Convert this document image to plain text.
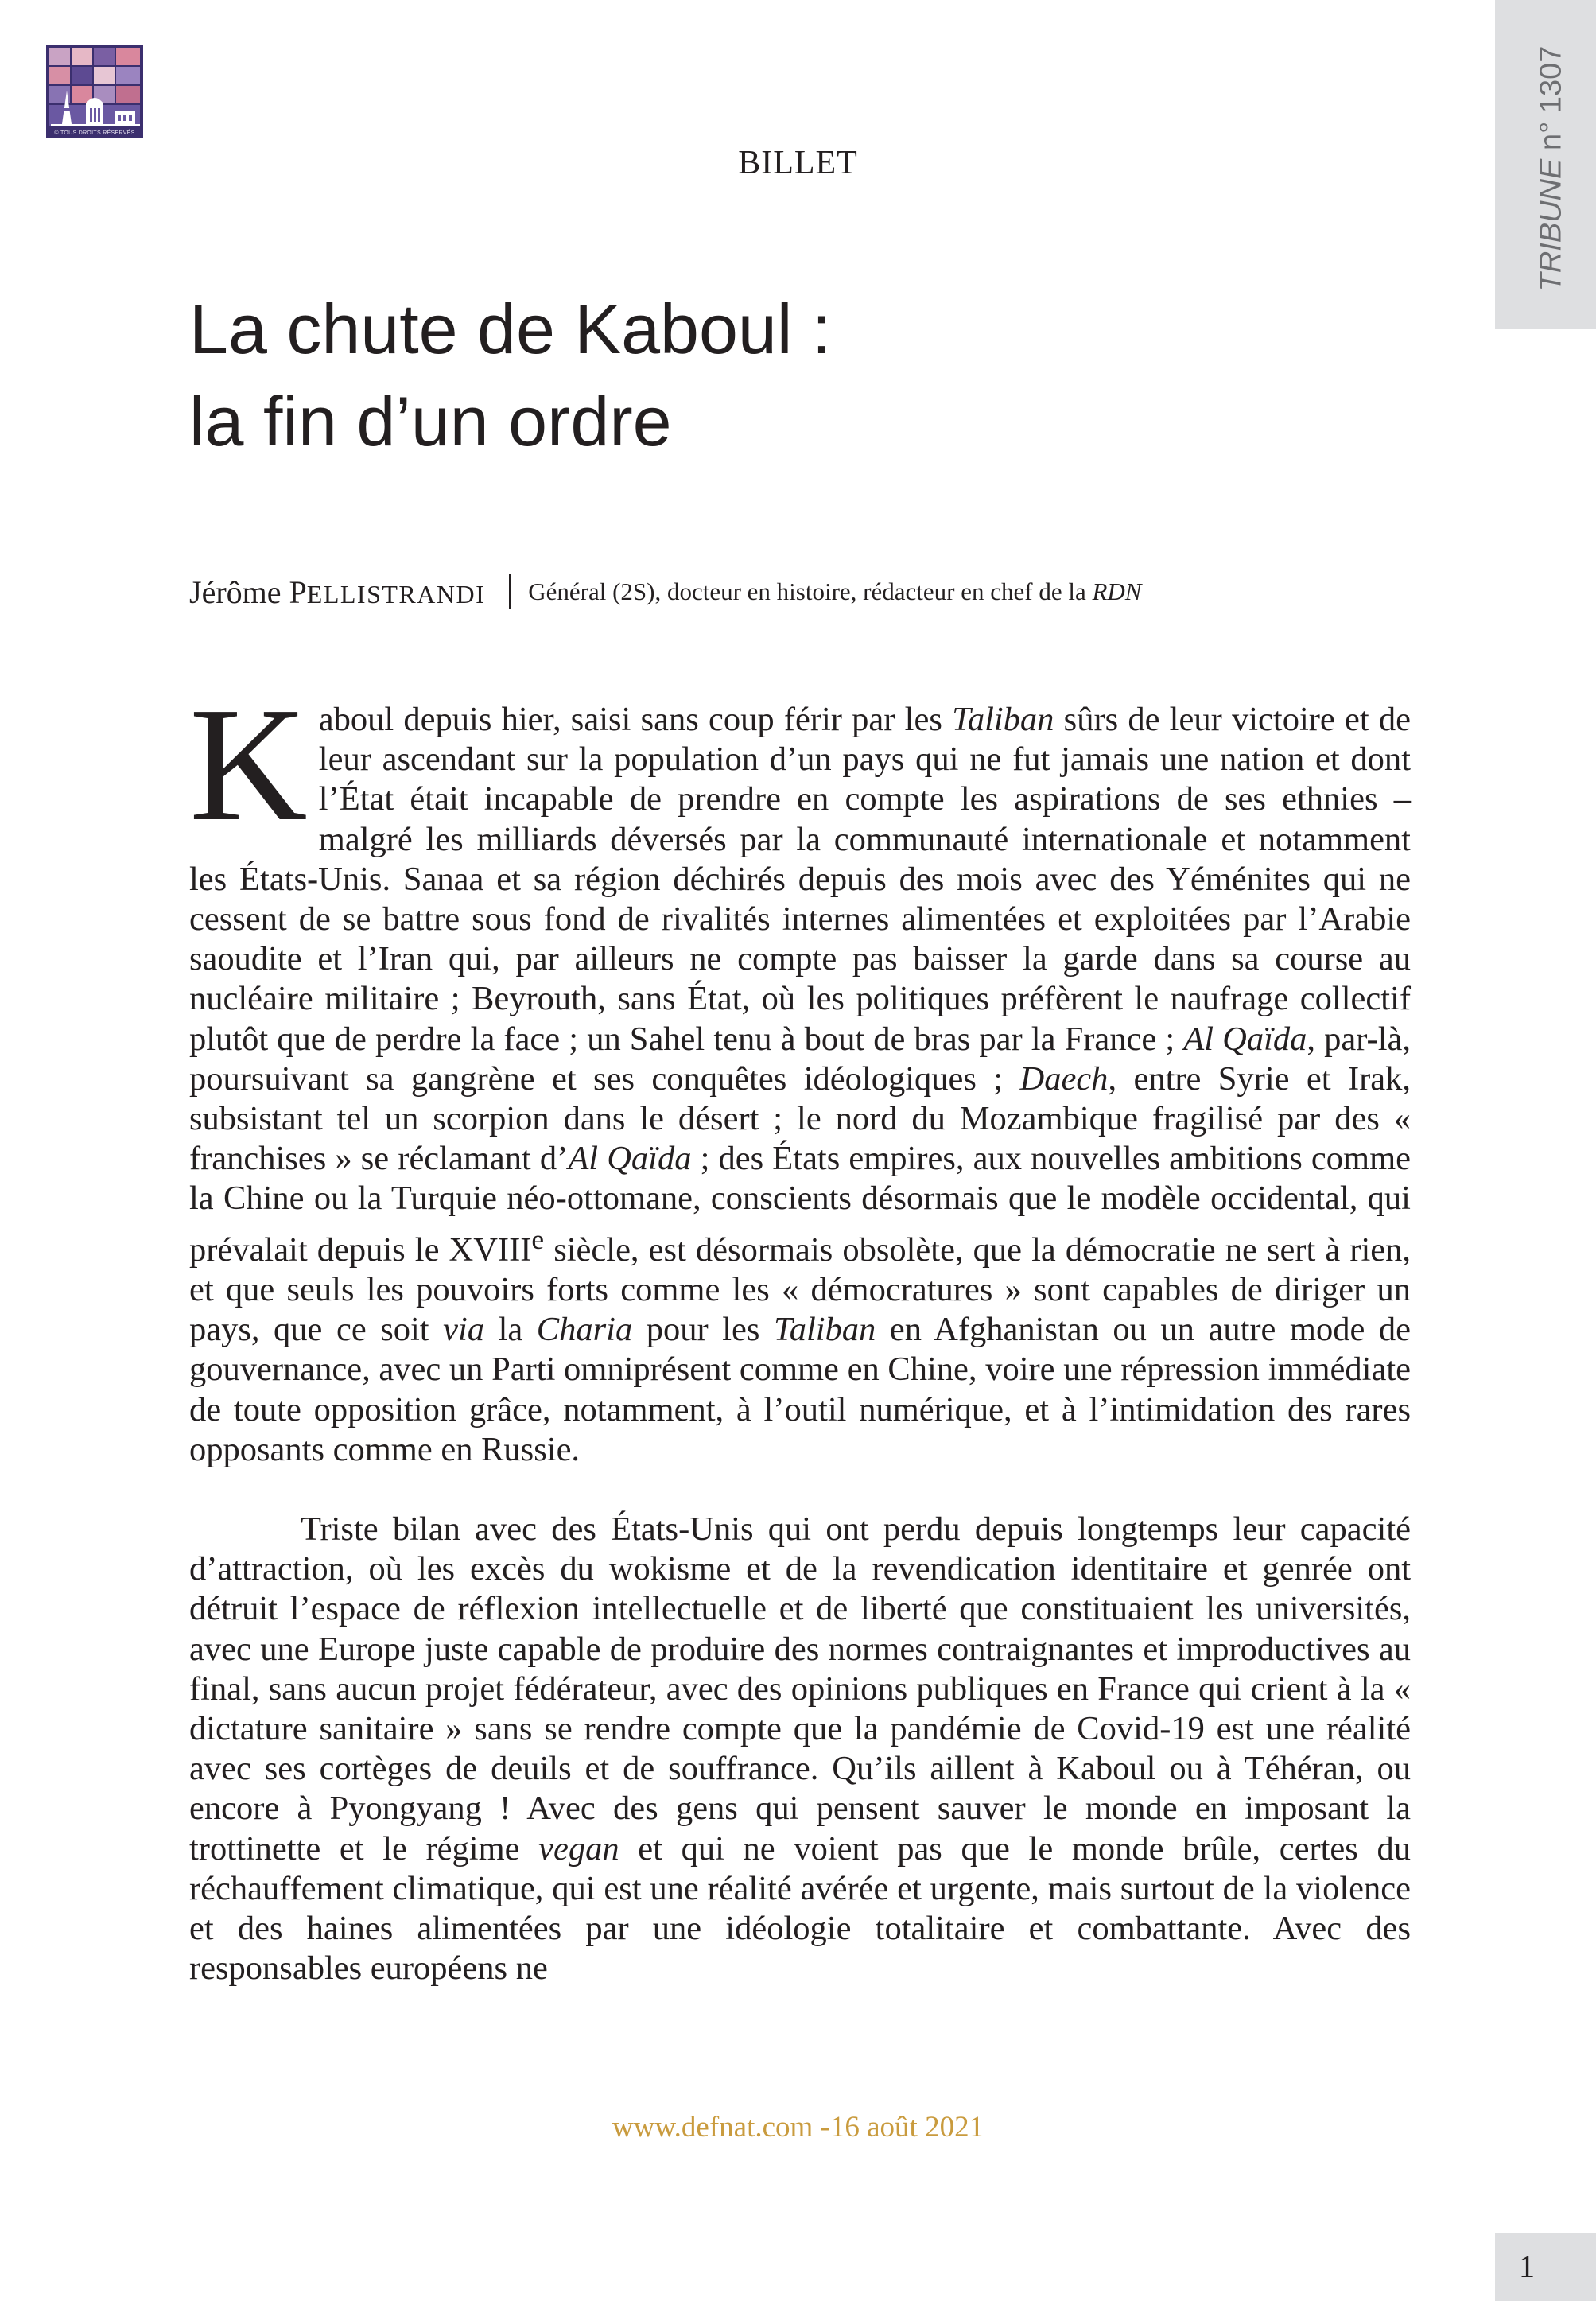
© TOUS DROITS RÉSERVÉS
TRIBUNE n° 1307
BILLET
La chute de Kaboul :
la fin d’un ordre
Jérôme PELLISTRANDI Général (2S), docteur en histoire, rédacteur en chef de la RDN

Kaboul depuis hier, saisi sans coup férir par les Taliban sûrs de leur victoire et de leur ascendant sur la population d’un pays qui ne fut jamais une nation et dont l’État était incapable de prendre en compte les aspirations de ses ethnies – malgré les milliards déversés par la communauté internationale et notamment les États-Unis. Sanaa et sa région déchirés depuis des mois avec des Yéménites qui ne cessent de se battre sous fond de rivalités internes alimentées et exploitées par l’Arabie saoudite et l’Iran qui, par ailleurs ne compte pas baisser la garde dans sa course au nucléaire militaire ; Beyrouth, sans État, où les politiques préfèrent le naufrage collectif plutôt que de perdre la face ; un Sahel tenu à bout de bras par la France ; Al Qaïda, par-là, poursuivant sa gangrène et ses conquêtes idéologiques ; Daech, entre Syrie et Irak, subsistant tel un scorpion dans le désert ; le nord du Mozambique fragilisé par des « franchises » se réclamant d’Al Qaïda ; des États empires, aux nouvelles ambitions comme la Chine ou la Turquie néo-ottomane, conscients désormais que le modèle occidental, qui prévalait depuis le XVIIIe siècle, est désormais obsolète, que la démocratie ne sert à rien, et que seuls les pouvoirs forts comme les « démocratures » sont capables de diriger un pays, que ce soit via la Charia pour les Taliban en Afghanistan ou un autre mode de gouvernance, avec un Parti omniprésent comme en Chine, voire une répression immédiate de toute opposition grâce, notamment, à l’outil numérique, et à l’intimidation des rares opposants comme en Russie.

Triste bilan avec des États-Unis qui ont perdu depuis longtemps leur capacité d’attraction, où les excès du wokisme et de la revendication identitaire et genrée ont détruit l’espace de réflexion intellectuelle et de liberté que constituaient les universités, avec une Europe juste capable de produire des normes contraignantes et improductives au final, sans aucun projet fédérateur, avec des opinions publiques en France qui crient à la « dictature sanitaire » sans se rendre compte que la pandémie de Covid-19 est une réalité avec ses cortèges de deuils et de souffrance. Qu’ils aillent à Kaboul ou à Téhéran, ou encore à Pyongyang ! Avec des gens qui pensent sauver le monde en imposant la trottinette et le régime vegan et qui ne voient pas que le monde brûle, certes du réchauffement climatique, qui est une réalité avérée et urgente, mais surtout de la violence et des haines alimentées par une idéologie totalitaire et combattante. Avec des responsables européens ne

www.defnat.com -16 août 2021
1
